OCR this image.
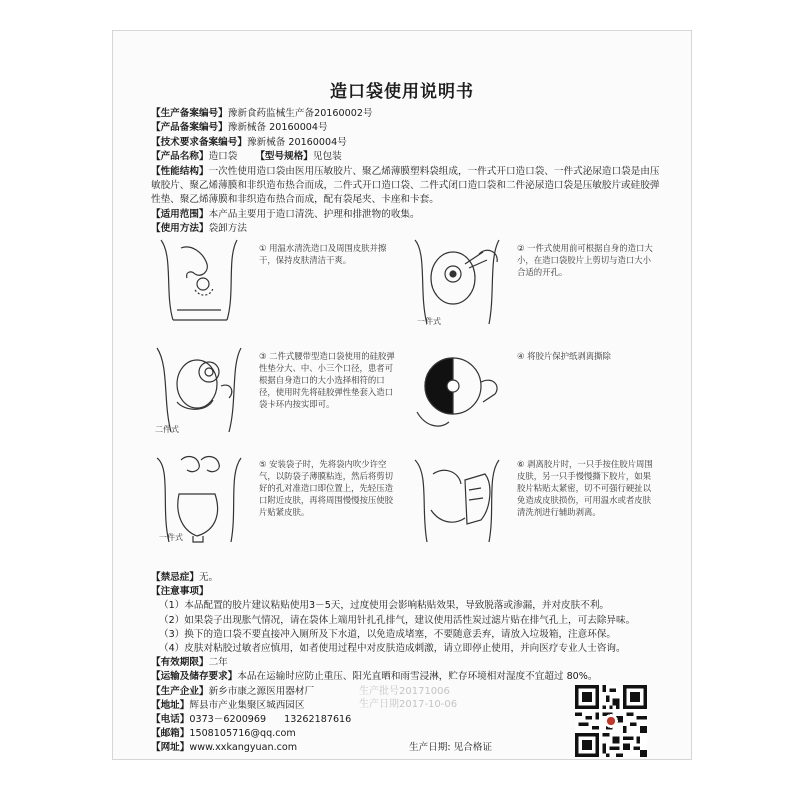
造口袋使用说明书
【生产备案编号】豫新食药监械生产备20160002号
【产品备案编号】豫新械备 20160004号
【技术要求备案编号】豫新械备 20160004号
【产品名称】造口袋 【型号规格】见包装
【性能结构】一次性使用造口袋由医用压敏胶片、聚乙烯薄膜塑料袋组成，一件式开口造口袋、一件式泌尿造口袋是由压敏胶片、聚乙烯薄膜和非织造布热合而成，二件式开口造口袋、二件式闭口造口袋和二件泌尿造口袋是压敏胶片或硅胶弹性垫、聚乙烯薄膜和非织造布热合而成，配有袋尾夹、卡座和卡套。
【适用范围】本产品主要用于造口清洗、护理和排泄物的收集。
【使用方法】袋卸方法
① 用温水清洗造口及周围皮肤并擦干，保持皮肤清洁干爽。
一件式
② 一件式使用前可根据自身的造口大小，在造口袋胶片上剪切与造口大小合适的开孔。
二件式
③ 二件式腰带型造口袋使用的硅胶弹性垫分大、中、小三个口径，患者可根据自身造口的大小选择相符的口径，使用时先将硅胶弹性垫套入造口袋卡环内按实即可。
④ 将胶片保护纸剥离撕除
一件式
⑤ 安装袋子时，先将袋内吹少许空气，以防袋子薄膜粘连，然后将剪切好的孔对准造口即位置上，先轻压造口附近皮肤，再将周围慢慢按压使胶片贴紧皮肤。
⑥ 剥离胶片时，一只手按住胶片周围皮肤，另一只手慢慢撕下胶片，如果胶片粘贴太紧密，切不可强行硬扯以免造成皮肤损伤，可用温水或者皮肤清洗剂进行辅助剥离。
【禁忌症】无。
【注意事项】
（1）本品配置的胶片建议粘贴使用3－5天，过度使用会影响粘贴效果，导致脱落或渗漏，并对皮肤不利。
（2）如果袋子出现胀气情况，请在袋体上端用针扎孔排气，建议使用活性炭过滤片贴在排气孔上，可去除异味。
（3）换下的造口袋不要直接冲入厕所及下水道，以免造成堵塞，不要随意丢弃，请放入垃圾箱，注意环保。
（4）皮肤对粘胶过敏者应慎用，如者使用过程中对皮肤造成刺激，请立即停止使用，并向医疗专业人士咨询。
【有效期限】二年
【运输及储存要求】本品在运输时应防止重压、阳光直晒和雨雪浸淋，贮存环境相对湿度不宜超过 80%。
【生产企业】新乡市康之源医用器材厂
【地址】辉县市产业集聚区城西园区
【电话】0373－6200969 13262187616
【邮箱】1508105716@qq.com
【网址】www.xxkangyuan.com
生产批号20171006
生产日期2017-10-06
生产日期: 见合格证
